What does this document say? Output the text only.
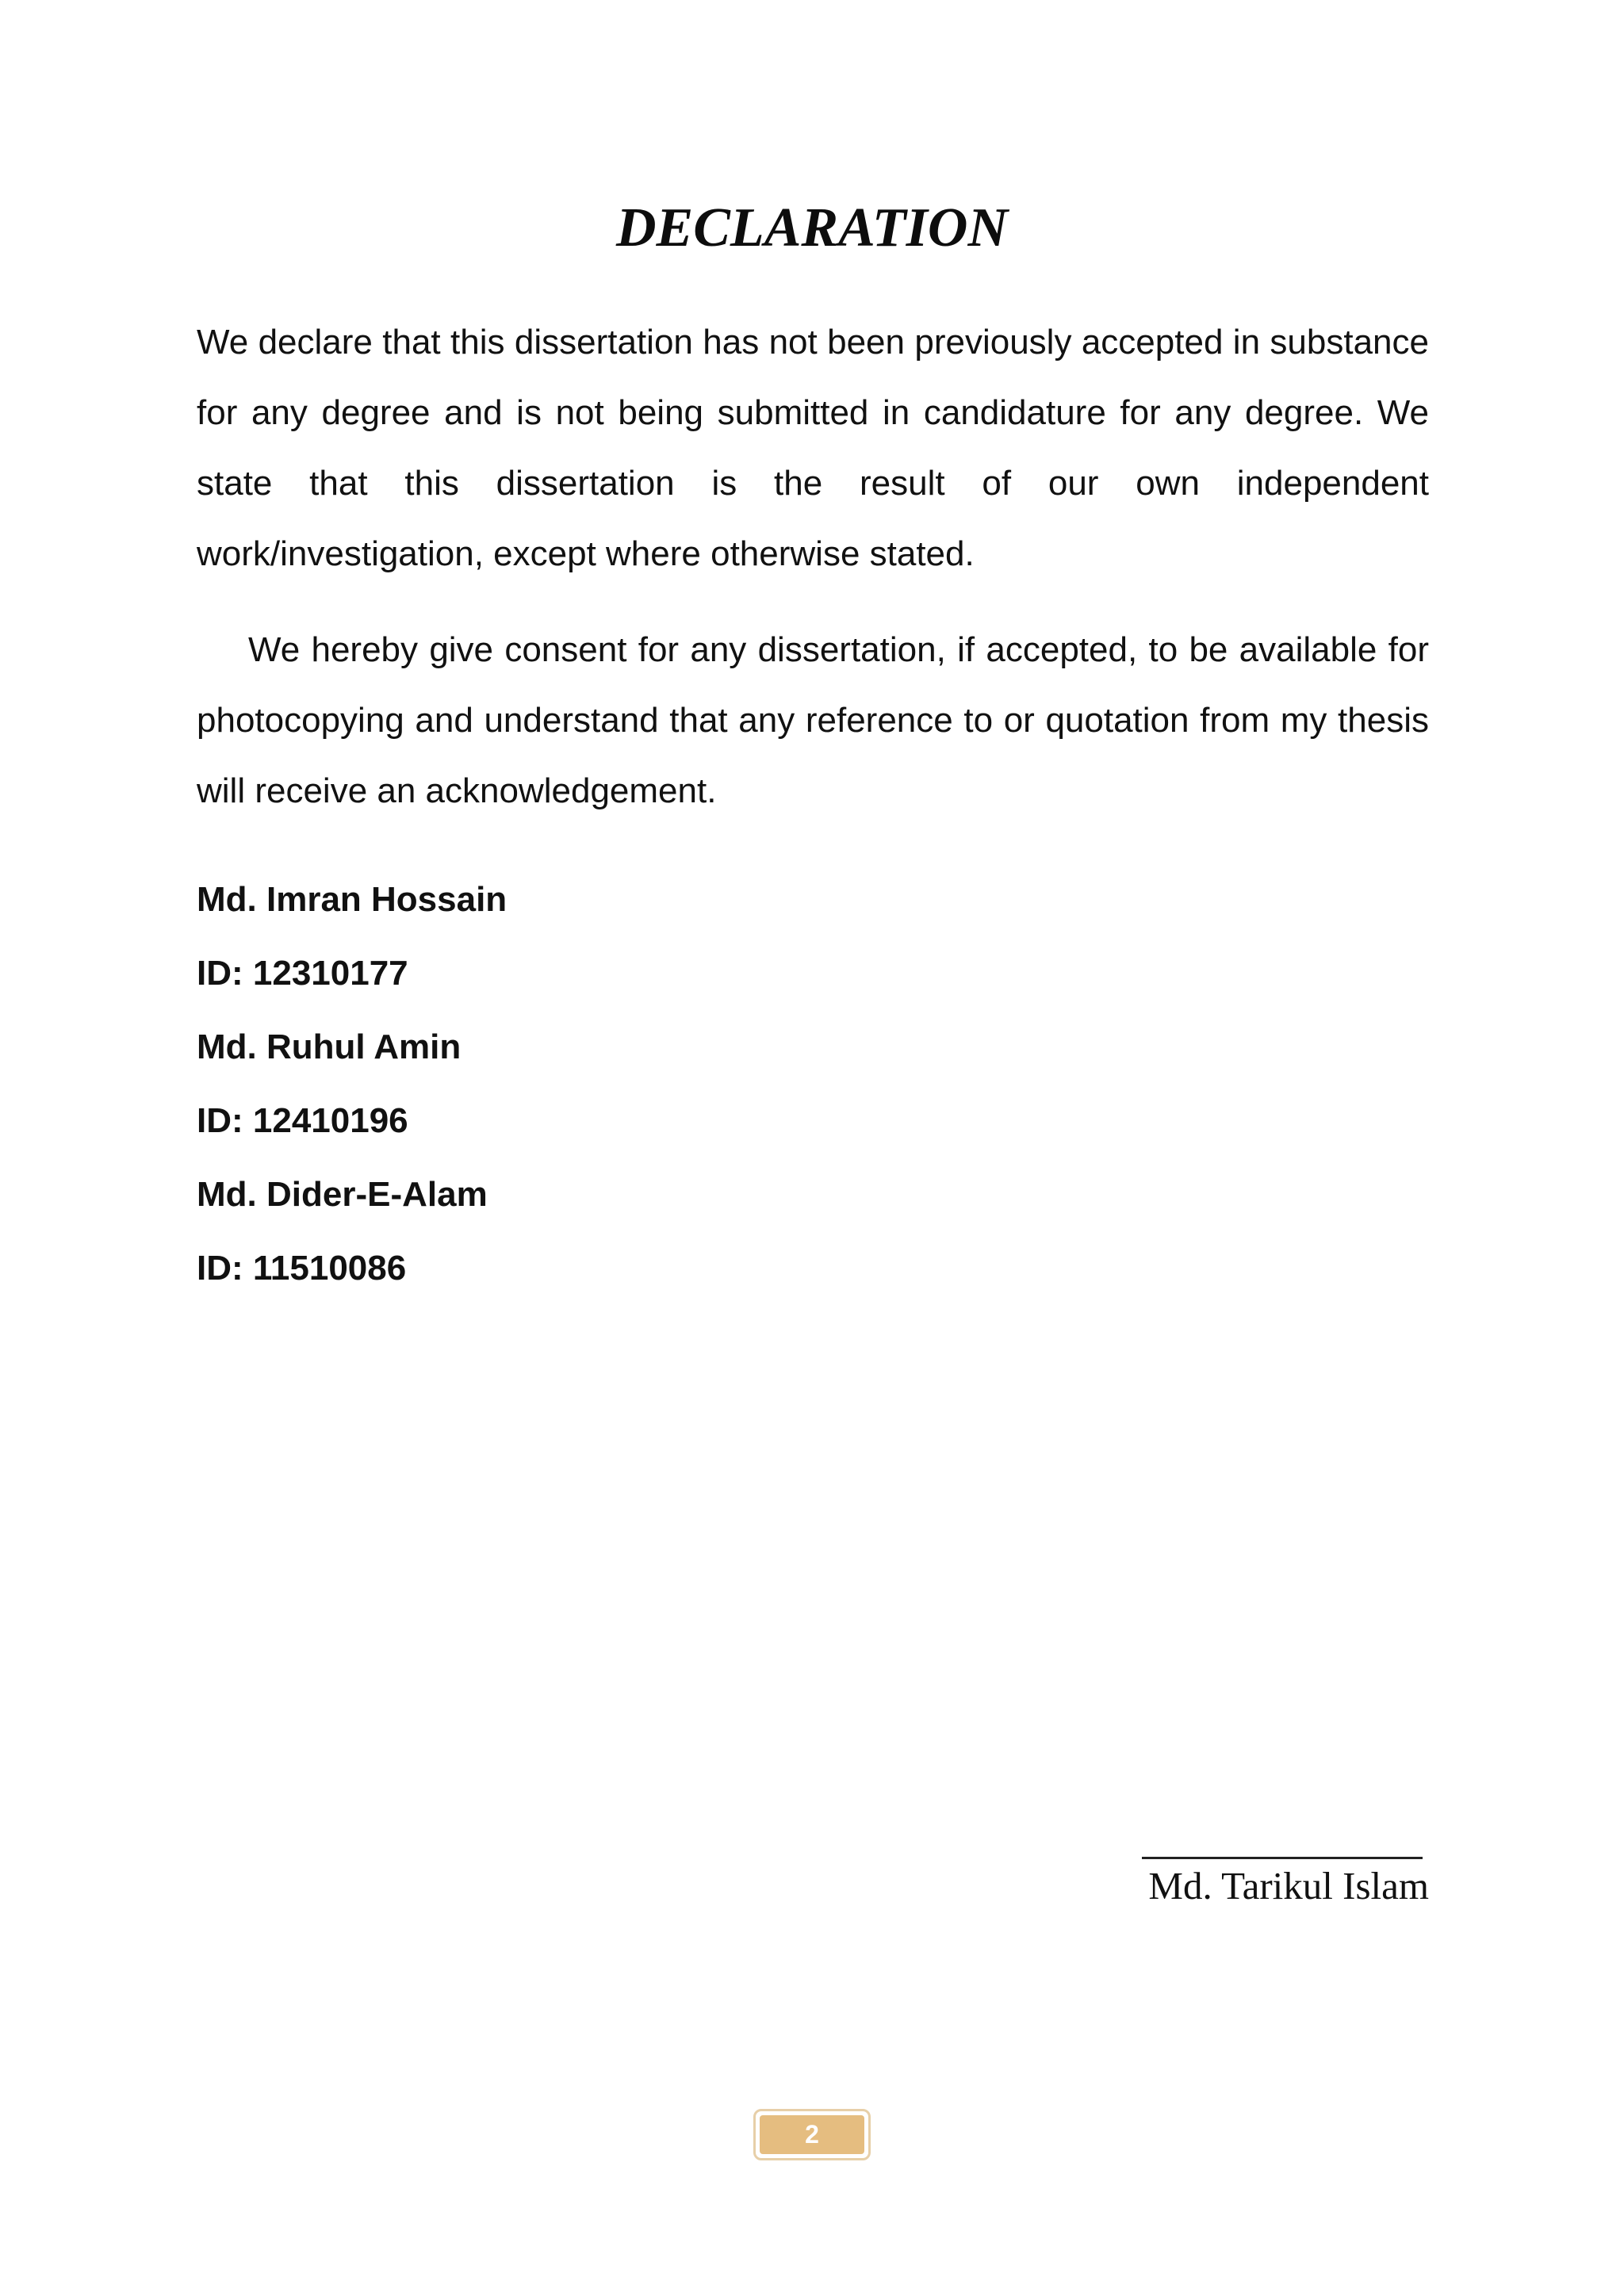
DECLARATION

We declare that this dissertation has not been previously accepted in substance for any degree and is not being submitted in candidature for any degree. We state that this dissertation is the result of our own independent work/investigation, except where otherwise stated.

We hereby give consent for any dissertation, if accepted, to be available for photocopying and understand that any reference to or quotation from my thesis will receive an acknowledgement.

Md. Imran Hossain

ID: 12310177

Md. Ruhul Amin

ID: 12410196

Md. Dider-E-Alam

ID: 11510086

Md. Tarikul Islam
2
